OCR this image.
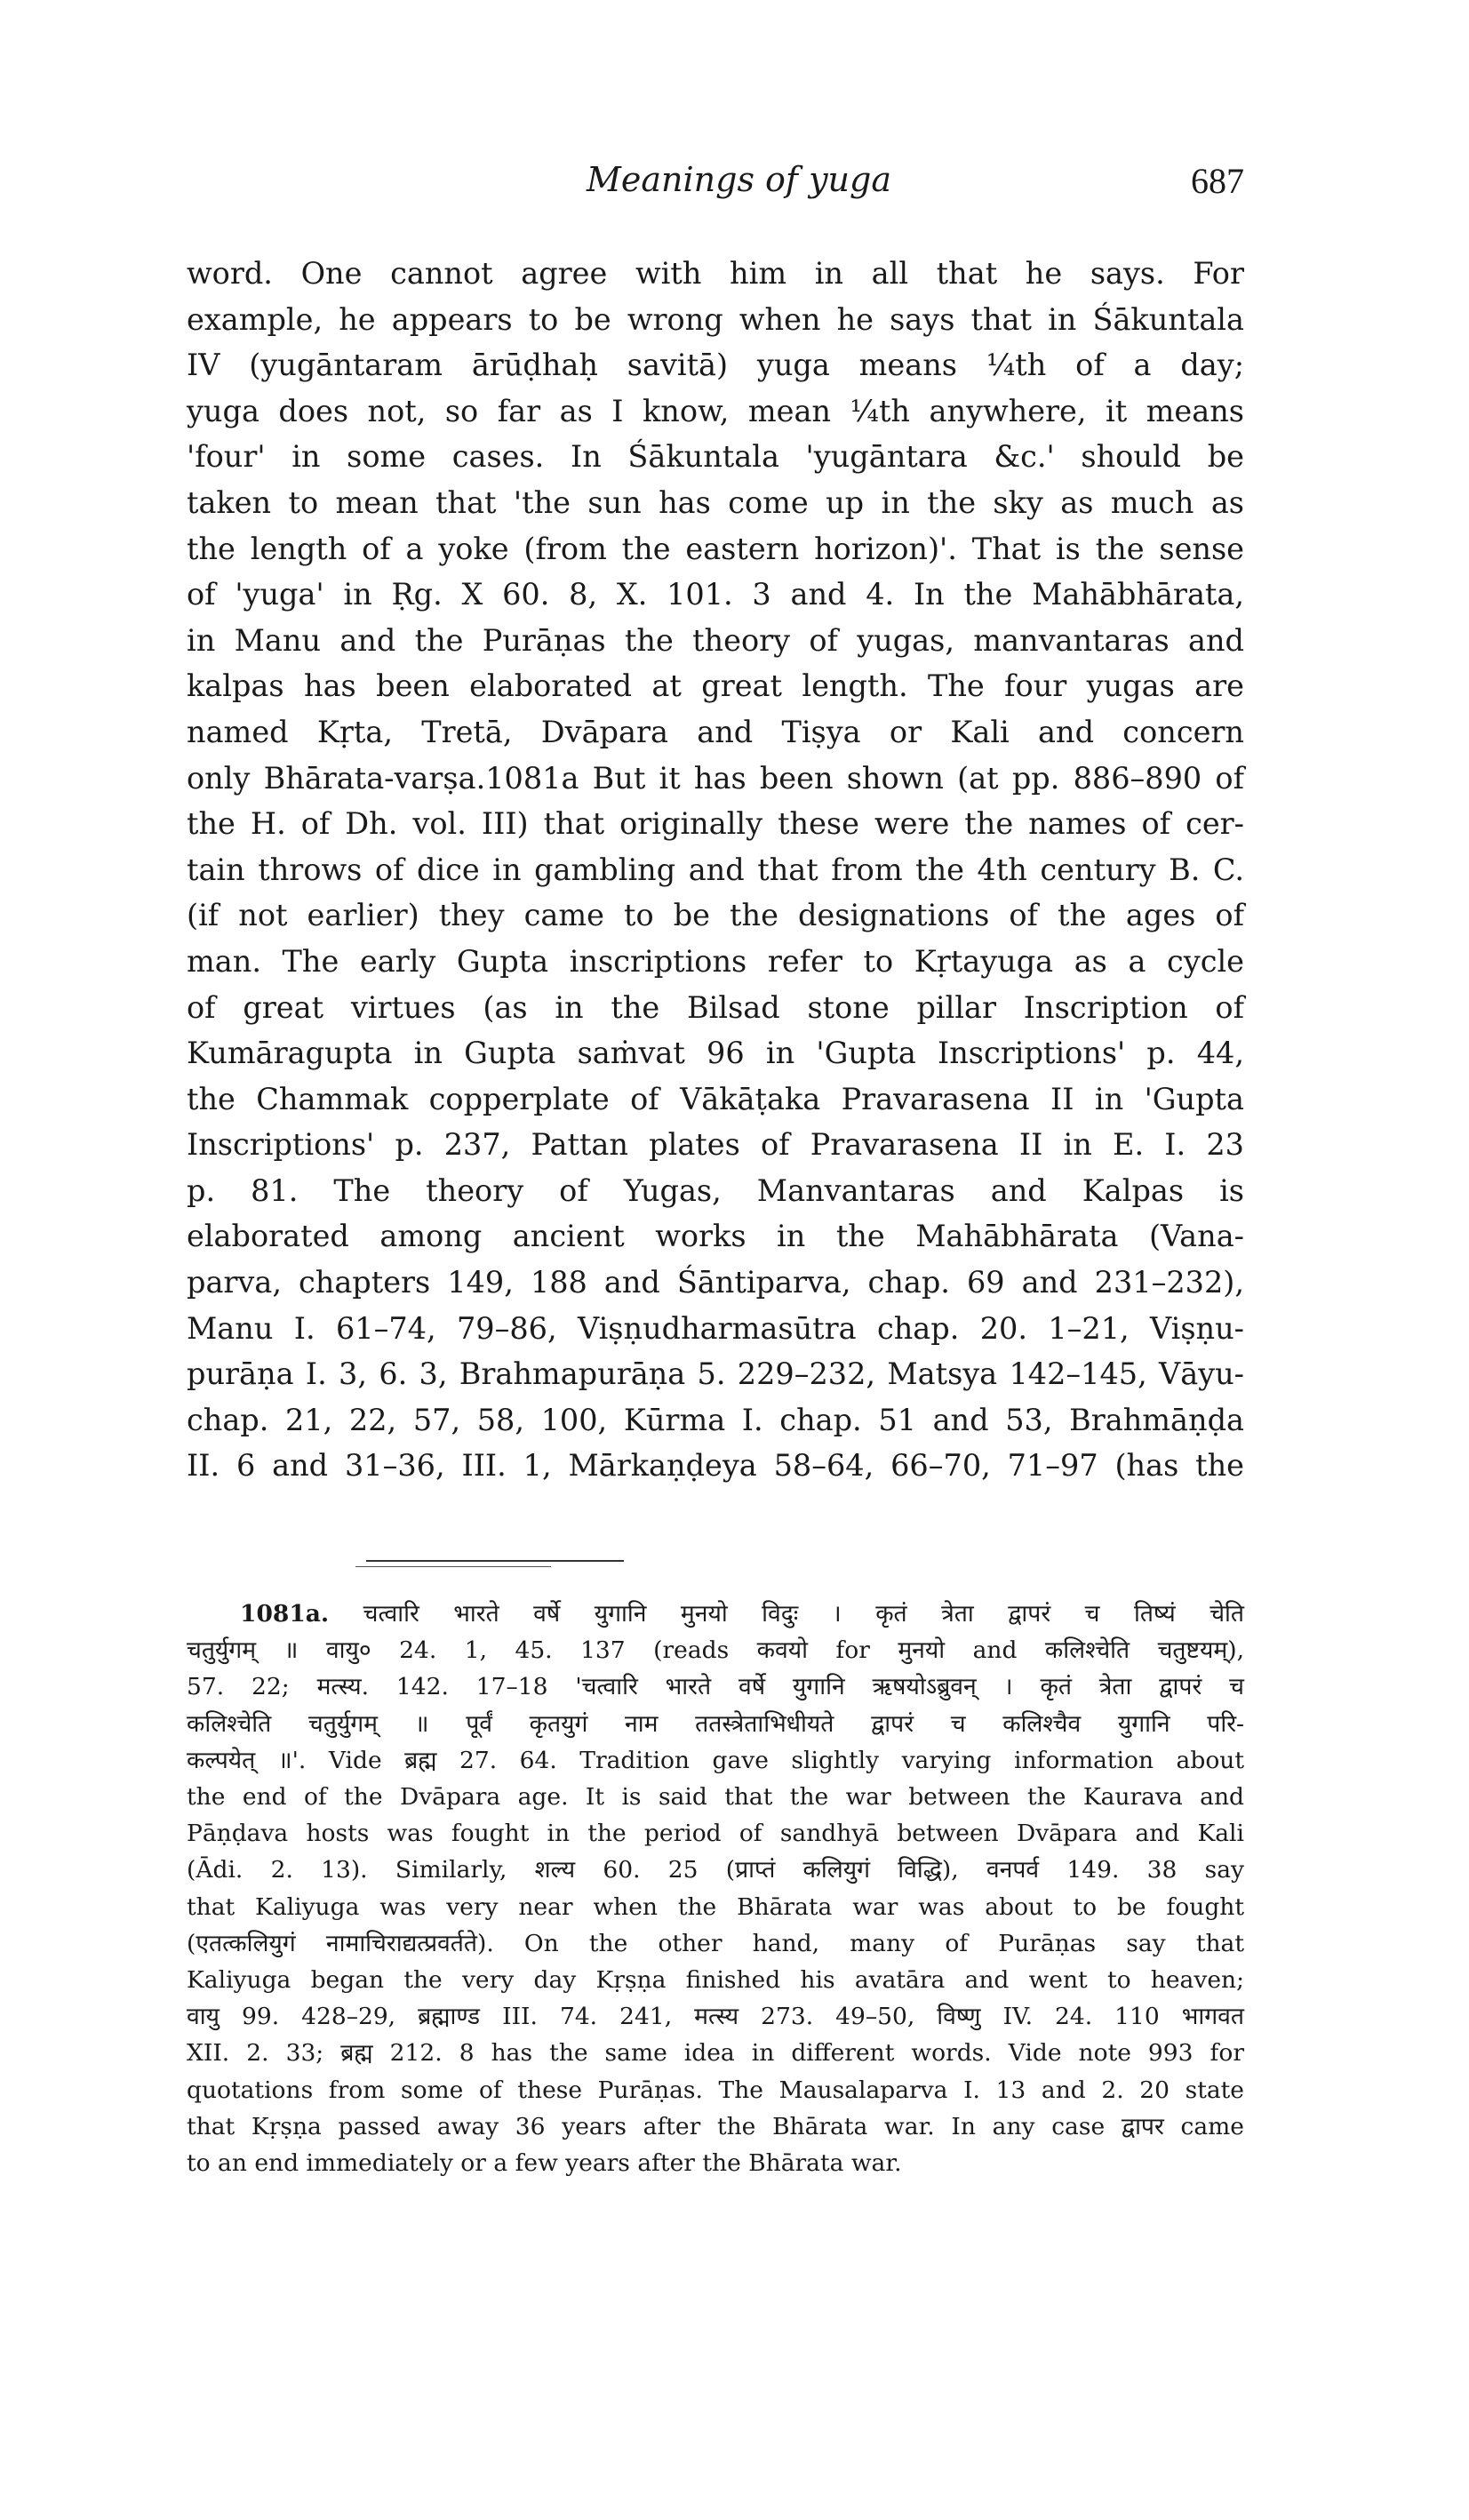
Meanings of yuga	687

word. One cannot agree with him in all that he says. For

example, he appears to be wrong when he says that in Śākuntala

IV (yugāntaram ārūḍhaḥ savitā) yuga means ¼th of a day;

yuga does not, so far as I know, mean ¼th anywhere, it means

'four' in some cases. In Śākuntala 'yugāntara &c.' should be

taken to mean that 'the sun has come up in the sky as much as

the length of a yoke (from the eastern horizon)'. That is the sense

of 'yuga' in Ṛg. X 60. 8, X. 101. 3 and 4. In the Mahābhārata,

in Manu and the Purāṇas the theory of yugas, manvantaras and

kalpas has been elaborated at great length. The four yugas are

named Kṛta, Tretā, Dvāpara and Tiṣya or Kali and concern

only Bhārata-varṣa.1081a But it has been shown (at pp. 886–890 of

the H. of Dh. vol. III) that originally these were the names of cer-

tain throws of dice in gambling and that from the 4th century B. C.

(if not earlier) they came to be the designations of the ages of

man. The early Gupta inscriptions refer to Kṛtayuga as a cycle

of great virtues (as in the Bilsad stone pillar Inscription of

Kumāragupta in Gupta saṁvat 96 in 'Gupta Inscriptions' p. 44,

the Chammak copperplate of Vākāṭaka Pravarasena II in 'Gupta

Inscriptions' p. 237, Pattan plates of Pravarasena II in E. I. 23

p. 81. The theory of Yugas, Manvantaras and Kalpas is

elaborated among ancient works in the Mahābhārata (Vana-

parva, chapters 149, 188 and Śāntiparva, chap. 69 and 231–232),

Manu I. 61–74, 79–86, Viṣṇudharmasūtra chap. 20. 1–21, Viṣṇu-

purāṇa I. 3, 6. 3, Brahmapurāṇa 5. 229–232, Matsya 142–145, Vāyu-

chap. 21, 22, 57, 58, 100, Kūrma I. chap. 51 and 53, Brahmāṇḍa

II. 6 and 31–36, III. 1, Mārkaṇḍeya 58–64, 66–70, 71–97 (has the

1081a. चत्वारि भारते वर्षे युगानि मुनयो विदुः । कृतं त्रेता द्वापरं च तिष्यं चेति

चतुर्युगम् ॥ वायु० 24. 1, 45. 137 (reads कवयो for मुनयो and कलिश्चेति चतुष्टयम्),

57. 22; मत्स्य. 142. 17–18 'चत्वारि भारते वर्षे युगानि ऋषयोऽब्रुवन् । कृतं त्रेता द्वापरं च

कलिश्चेति चतुर्युगम् ॥ पूर्वं कृतयुगं नाम ततस्त्रेताभिधीयते द्वापरं च कलिश्चैव युगानि परि-

कल्पयेत् ॥'. Vide ब्रह्म 27. 64. Tradition gave slightly varying information about

the end of the Dvāpara age. It is said that the war between the Kaurava and

Pāṇḍava hosts was fought in the period of sandhyā between Dvāpara and Kali

(Ādi. 2. 13). Similarly, शल्य 60. 25 (प्राप्तं कलियुगं विद्धि), वनपर्व 149. 38 say

that Kaliyuga was very near when the Bhārata war was about to be fought

(एतत्कलियुगं नामाचिराद्यत्प्रवर्तते). On the other hand, many of Purāṇas say that

Kaliyuga began the very day Kṛṣṇa finished his avatāra and went to heaven;

वायु 99. 428–29, ब्रह्माण्ड III. 74. 241, मत्स्य 273. 49–50, विष्णु IV. 24. 110 भागवत

XII. 2. 33; ब्रह्म 212. 8 has the same idea in different words. Vide note 993 for

quotations from some of these Purāṇas. The Mausalaparva I. 13 and 2. 20 state

that Kṛṣṇa passed away 36 years after the Bhārata war. In any case द्वापर came

to an end immediately or a few years after the Bhārata war.
